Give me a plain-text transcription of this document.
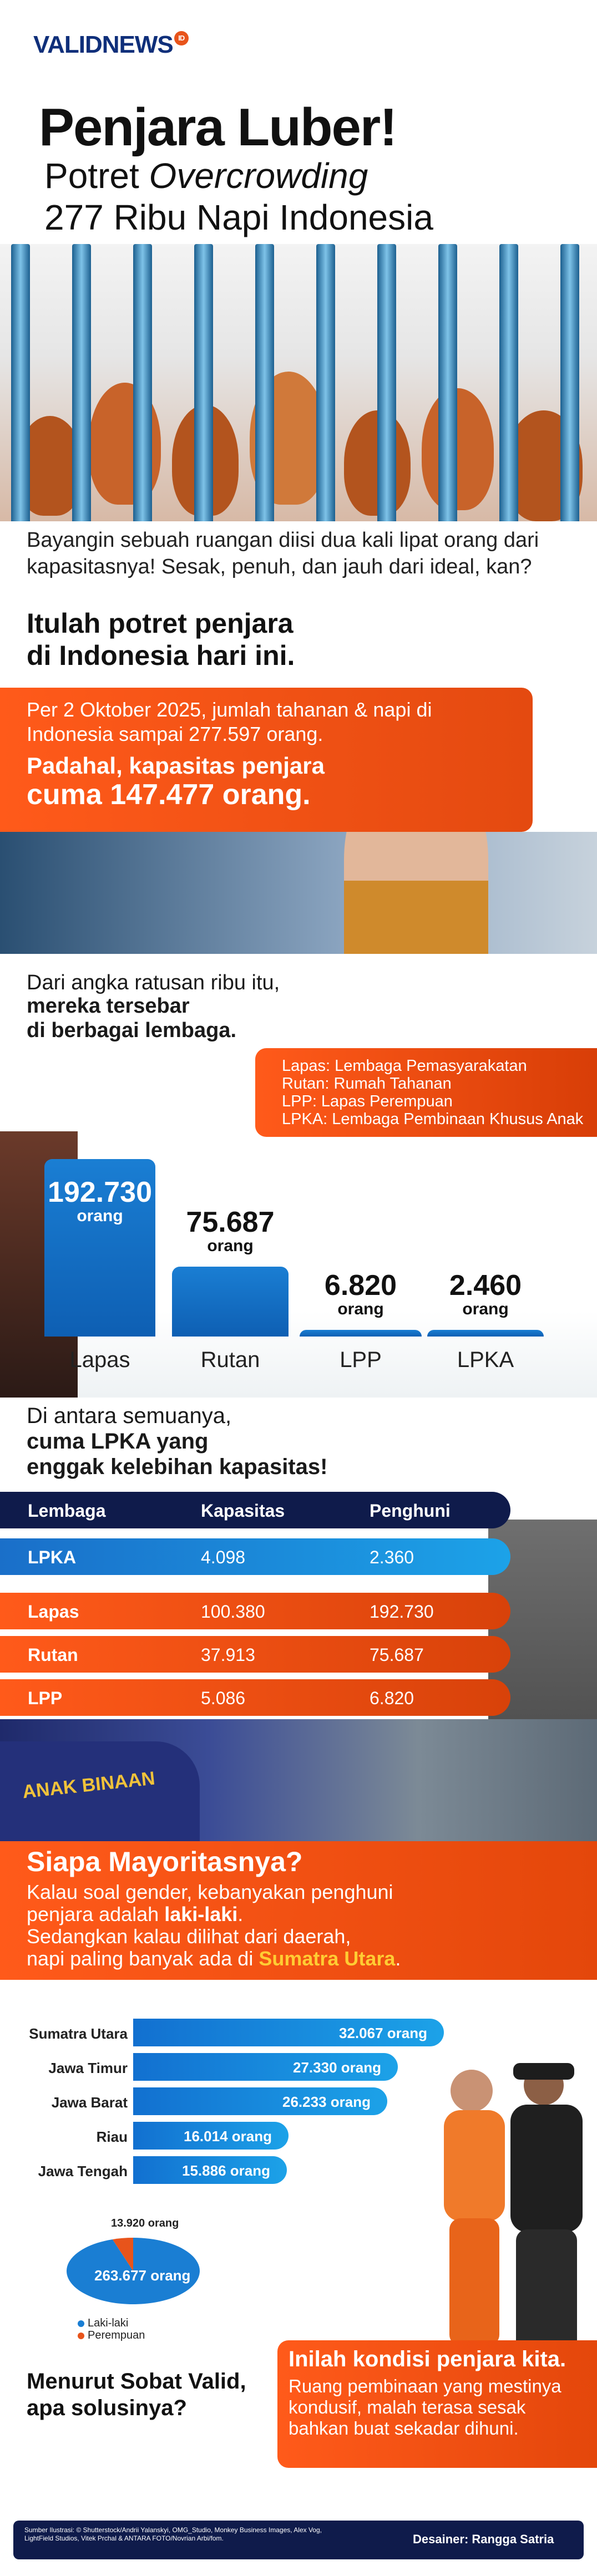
VALIDNEWS ID
Penjara Luber!
Potret Overcrowding
277 Ribu Napi Indonesia
Bayangin sebuah ruangan diisi dua kali lipat orang dari kapasitasnya! Sesak, penuh, dan jauh dari ideal, kan?
Itulah potret penjara
di Indonesia hari ini.
Per 2 Oktober 2025, jumlah tahanan & napi di Indonesia sampai 277.597 orang.
Padahal, kapasitas penjara
cuma 147.477 orang.
Dari angka ratusan ribu itu,
mereka tersebar
di berbagai lembaga.
Lapas: Lembaga Pemasyarakatan
Rutan: Rumah Tahanan
LPP: Lapas Perempuan
LPKA: Lembaga Pembinaan Khusus Anak
192.730
orang
Lapas
75.687
orang
Rutan
6.820
orang
LPP
2.460
orang
LPKA
Di antara semuanya,
cuma LPKA yang
enggak kelebihan kapasitas!
Lembaga	Kapasitas	Penghuni
LPKA	4.098	2.360
Lapas	100.380	192.730
Rutan	37.913	75.687
LPP	5.086	6.820
ANAK BINAAN
Siapa Mayoritasnya?
Kalau soal gender, kebanyakan penghuni
penjara adalah laki-laki.
Sedangkan kalau dilihat dari daerah,
napi paling banyak ada di Sumatra Utara.
Sumatra Utara	32.067 orang
Jawa Timur	27.330 orang
Jawa Barat	26.233 orang
Riau	16.014 orang
Jawa Tengah	15.886 orang
263.677 orang
13.920 orang
Laki-laki
Perempuan
Menurut Sobat Valid, apa solusinya?
Inilah kondisi penjara kita.
Ruang pembinaan yang mestinya kondusif, malah terasa sesak bahkan buat sekadar dihuni.
Sumber Ilustrasi: © Shutterstock/Andrii Yalanskyi, OMG_Studio, Monkey Business Images, Alex Vog, LightField Studios, Vitek Prchal & ANTARA FOTO/Novrian Arbi/fom.	Desainer: Rangga Satria
